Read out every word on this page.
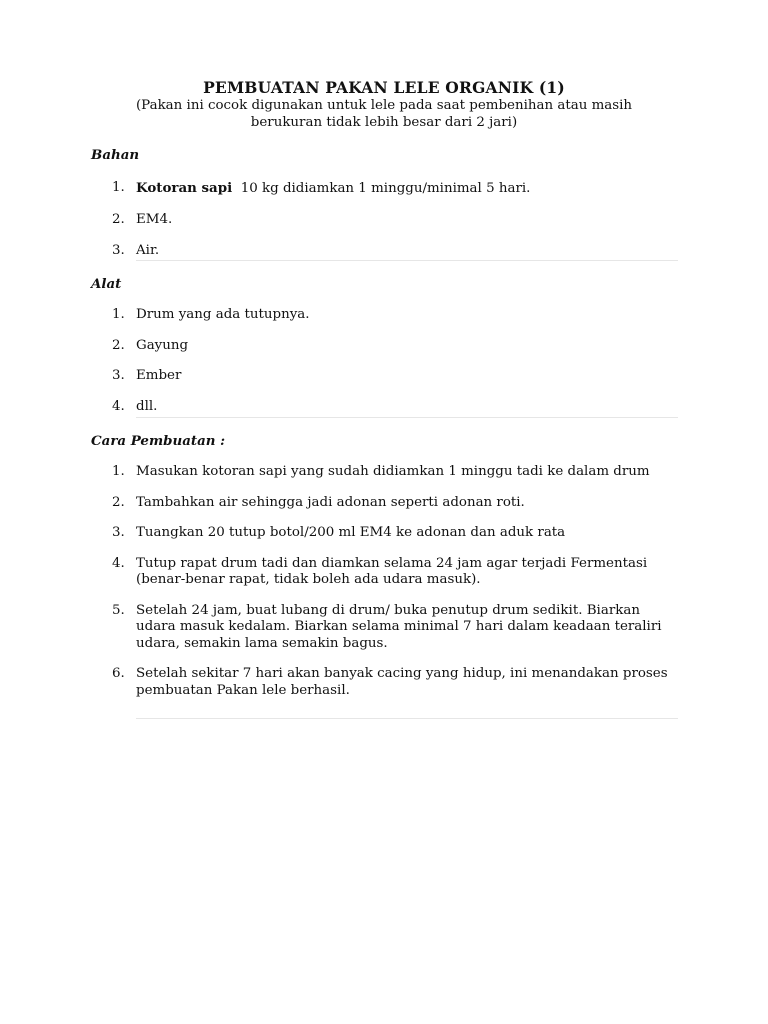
PEMBUATAN PAKAN LELE ORGANIK (1)
(Pakan ini cocok digunakan untuk lele pada saat pembenihan atau masih berukuran tidak lebih besar dari 2 jari)
Bahan
1. Kotoran sapi 10 kg didiamkan 1 minggu/minimal 5 hari.
2. EM4.
3. Air.
Alat
1. Drum yang ada tutupnya.
2. Gayung
3. Ember
4. dll.
Cara Pembuatan :
1. Masukan kotoran sapi yang sudah didiamkan 1 minggu tadi ke dalam drum
2. Tambahkan air sehingga jadi adonan seperti adonan roti.
3. Tuangkan 20 tutup botol/200 ml EM4 ke adonan dan aduk rata
4. Tutup rapat drum tadi dan diamkan selama 24 jam agar terjadi Fermentasi (benar-benar rapat, tidak boleh ada udara masuk).
5. Setelah 24 jam, buat lubang di drum/ buka penutup drum sedikit. Biarkan udara masuk kedalam. Biarkan selama minimal 7 hari dalam keadaan teraliri udara, semakin lama semakin bagus.
6. Setelah sekitar 7 hari akan banyak cacing yang hidup, ini menandakan proses pembuatan Pakan lele berhasil.
